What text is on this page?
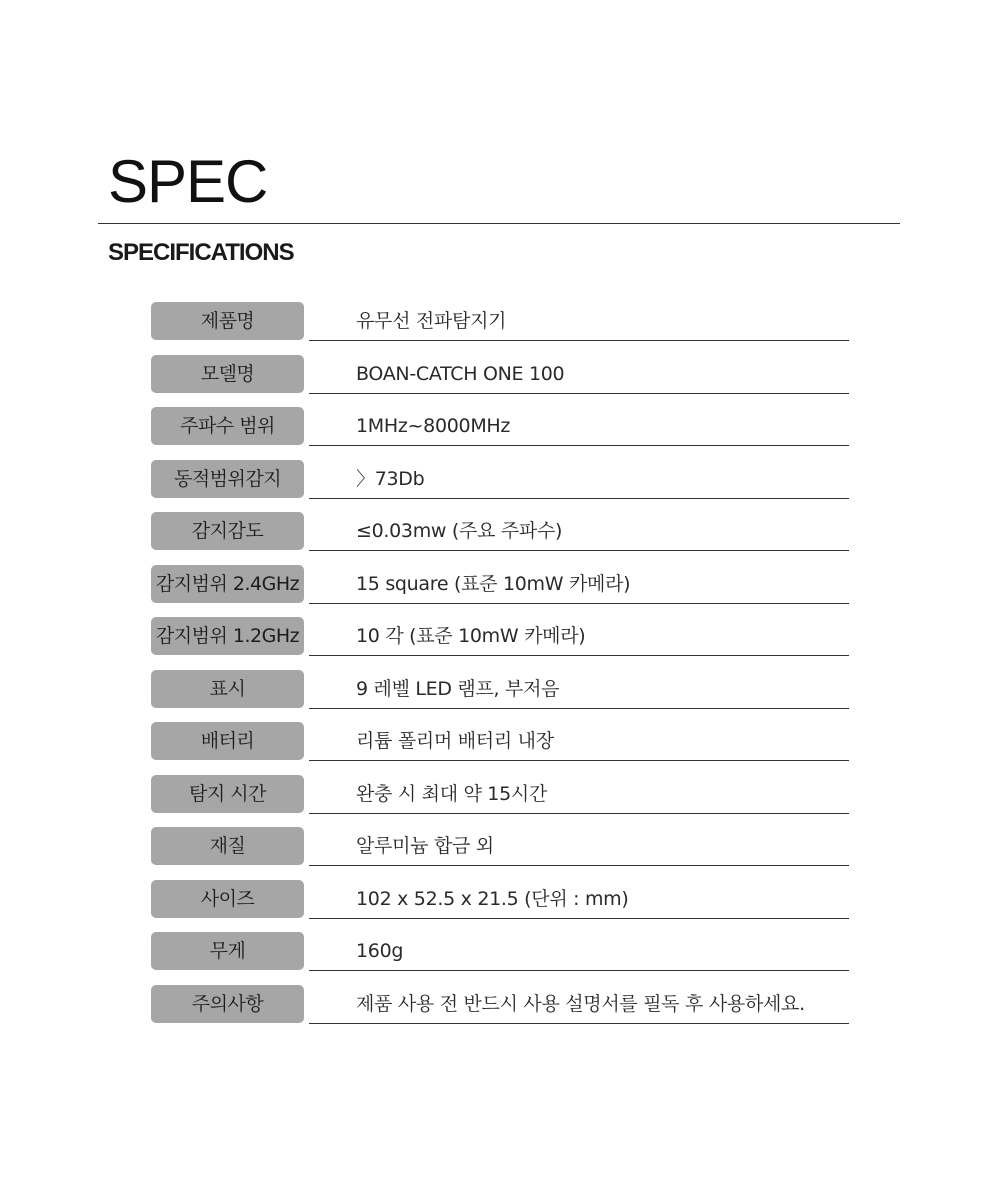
SPEC
SPECIFICATIONS
제품명	유무선 전파탐지기
모델명	BOAN-CATCH ONE 100
주파수 범위	1MHz~8000MHz
동적범위감지	〉73Db
감지감도	≤0.03mw (주요 주파수)
감지범위 2.4GHz	15 square (표준 10mW 카메라)
감지범위 1.2GHz	10 각 (표준 10mW 카메라)
표시	9 레벨 LED 램프, 부저음
배터리	리튬 폴리머 배터리 내장
탐지 시간	완충 시 최대 약 15시간
재질	알루미늄 합금 외
사이즈	102 x 52.5 x 21.5 (단위 : mm)
무게	160g
주의사항	제품 사용 전 반드시 사용 설명서를 필독 후 사용하세요.
